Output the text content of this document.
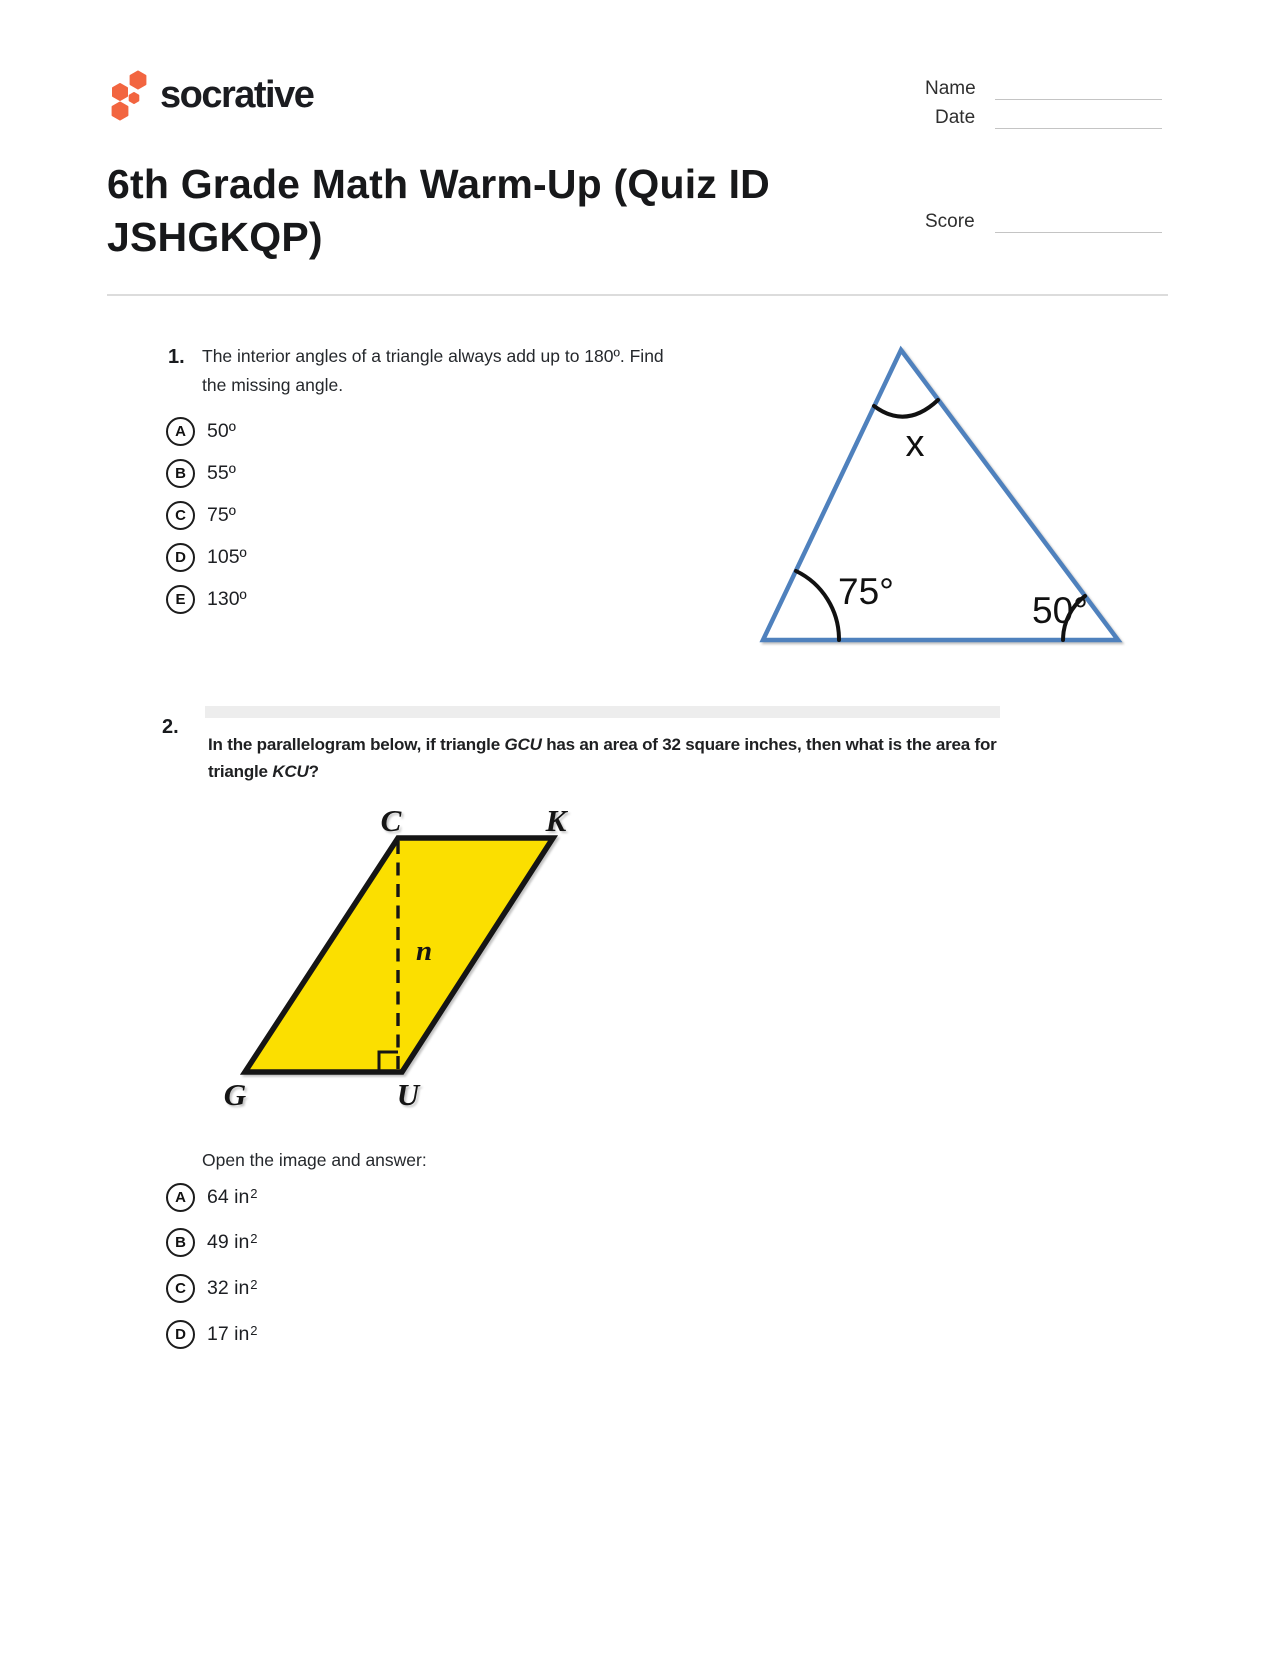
socrative	Name
Date
Score
6th Grade Math Warm-Up (Quiz ID JSHGKQP)
1. The interior angles of a triangle always add up to 180º. Find the missing angle.
A	50º
B	55º
C	75º
D	105º
E	130º
x
75°	50°
2.
In the parallelogram below, if triangle GCU has an area of 32 square inches, then what is the area for triangle KCU?
C	K
G	U
n
Open the image and answer:
A	64 $in^2$
B	49 $in^2$
C	32 $in^2$
D	17 $in^2$
